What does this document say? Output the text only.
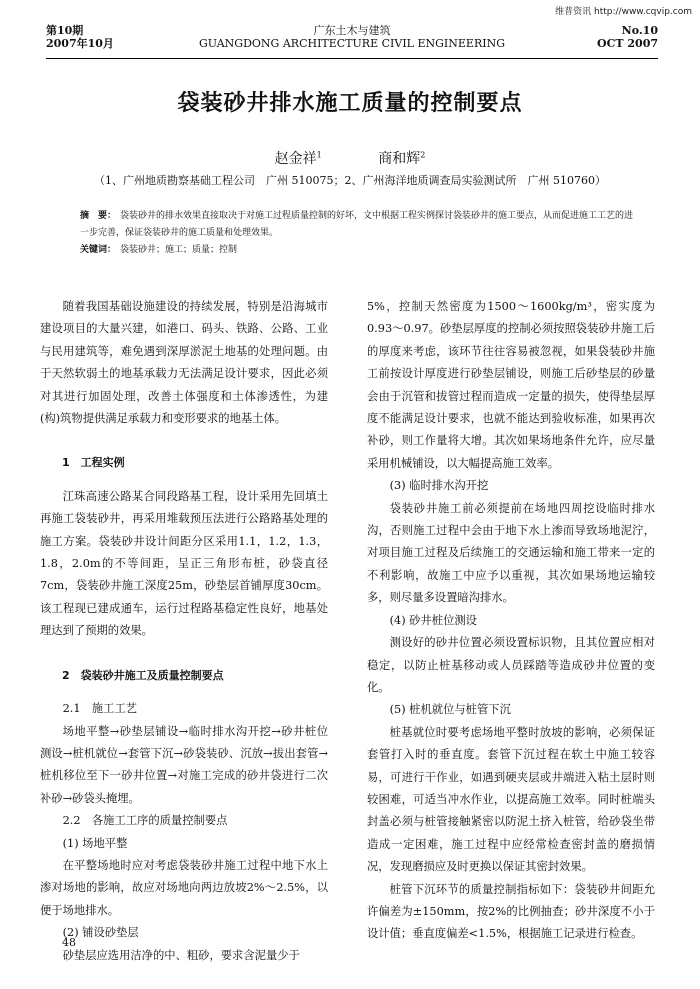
维普资讯 http://www.cqvip.com
第10期
2007年10月
广东土木与建筑
GUANGDONG ARCHITECTURE CIVIL ENGINEERING
No.10
OCT 2007
袋装砂井排水施工质量的控制要点
赵金祥$^1$	商和辉$^2$
（1、广州地质勘察基础工程公司　广州 510075；2、广州海洋地质调查局实验测试所　广州 510760）
摘　要： 袋装砂井的排水效果直接取决于对施工过程质量控制的好坏，文中根据工程实例探讨袋装砂井的施工要点，从而促进施工工艺的进一步完善，保证袋装砂井的施工质量和处理效果。
关键词： 袋装砂井；施工；质量；控制

随着我国基础设施建设的持续发展，特别是沿海城市建设项目的大量兴建，如港口、码头、铁路、公路、工业与民用建筑等，难免遇到深厚淤泥土地基的处理问题。由于天然软弱土的地基承载力无法满足设计要求，因此必须对其进行加固处理，改善土体强度和土体渗透性，为建(构)筑物提供满足承载力和变形要求的地基土体。

1　工程实例

江珠高速公路某合同段路基工程，设计采用先回填土再施工袋装砂井，再采用堆载预压法进行公路路基处理的施工方案。袋装砂井设计间距分区采用1.1，1.2，1.3，1.8，2.0m的不等间距，呈正三角形布桩，砂袋直径7cm，袋装砂井施工深度25m，砂垫层首铺厚度30cm。该工程现已建成通车，运行过程路基稳定性良好，地基处理达到了预期的效果。

2　袋装砂井施工及质量控制要点

2.1　施工工艺

场地平整→砂垫层铺设→临时排水沟开挖→砂井桩位测设→桩机就位→套管下沉→砂袋装砂、沉放→拔出套管→桩机移位至下一砂井位置→对施工完成的砂井袋进行二次补砂→砂袋头掩埋。

2.2　各施工工序的质量控制要点

(1) 场地平整

在平整场地时应对考虑袋装砂井施工过程中地下水上渗对场地的影响，故应对场地向两边放坡2%～2.5%，以便于场地排水。

(2) 铺设砂垫层

砂垫层应选用洁净的中、粗砂，要求含泥量少于

5%，控制天然密度为1500～1600kg/m³，密实度为0.93～0.97。砂垫层厚度的控制必须按照袋装砂井施工后的厚度来考虑，该环节往往容易被忽视，如果袋装砂井施工前按设计厚度进行砂垫层铺设，则施工后砂垫层的砂量会由于沉管和拔管过程而造成一定量的损失，使得垫层厚度不能满足设计要求，也就不能达到验收标准，如果再次补砂，则工作量将大增。其次如果场地条件允许，应尽量采用机械铺设，以大幅提高施工效率。

(3) 临时排水沟开挖

袋装砂井施工前必须提前在场地四周挖设临时排水沟，否则施工过程中会由于地下水上渗而导致场地泥泞，对项目施工过程及后续施工的交通运输和施工带来一定的不利影响，故施工中应予以重视，其次如果场地运输较多，则尽量多设置暗沟排水。

(4) 砂井桩位测设

测设好的砂井位置必须设置标识物，且其位置应相对稳定，以防止桩基移动或人员踩踏等造成砂井位置的变化。

(5) 桩机就位与桩管下沉

桩基就位时要考虑场地平整时放坡的影响，必须保证套管打入时的垂直度。套管下沉过程在软土中施工较容易，可进行干作业，如遇到硬夹层或井端进入粘土层时则较困难，可适当冲水作业，以提高施工效率。同时桩端头封盖必须与桩管接触紧密以防泥土挤入桩管，给砂袋坐带造成一定困难，施工过程中应经常检查密封盖的磨损情况，发现磨损应及时更换以保证其密封效果。

桩管下沉环节的质量控制指标如下：袋装砂井间距允许偏差为±150mm，按2%的比例抽查；砂井深度不小于设计值；垂直度偏差<1.5%，根据施工记录进行检查。

48
